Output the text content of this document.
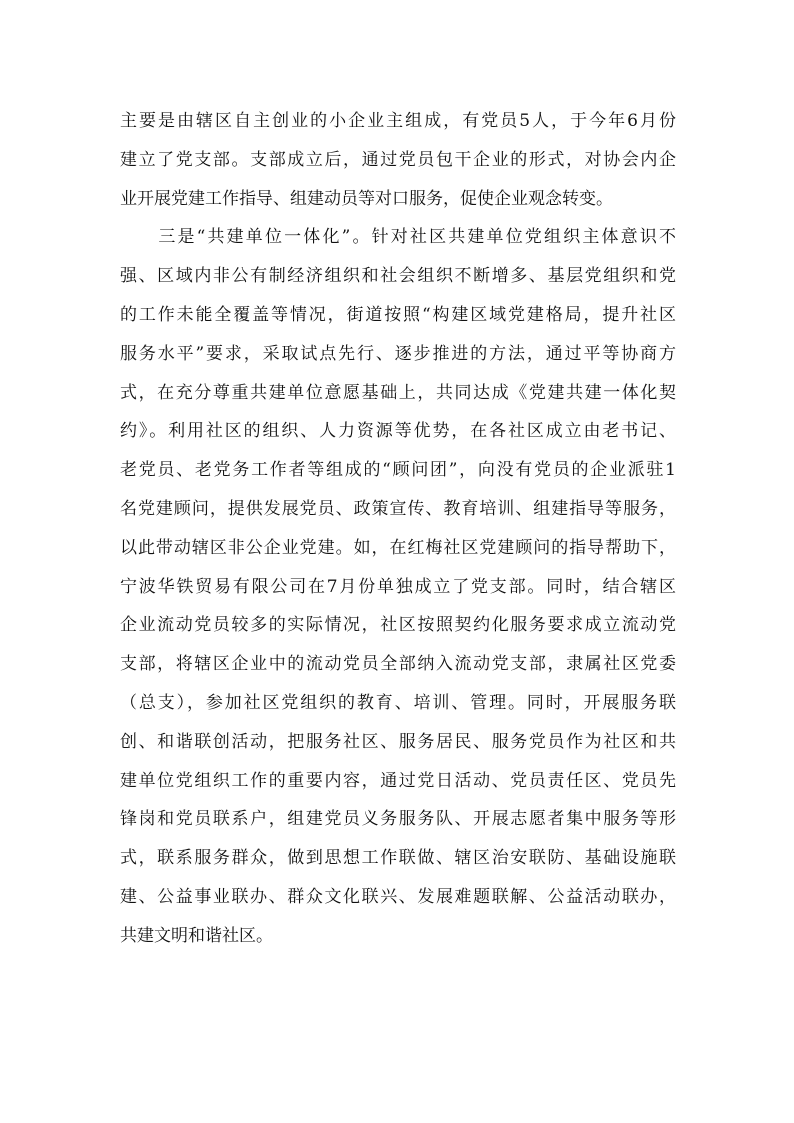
主要是由辖区自主创业的小企业主组成，有党员5人，于今年6月份
建立了党支部。支部成立后，通过党员包干企业的形式，对协会内企
业开展党建工作指导、组建动员等对口服务，促使企业观念转变。
　　三是“共建单位一体化”。针对社区共建单位党组织主体意识不
强、区域内非公有制经济组织和社会组织不断增多、基层党组织和党
的工作未能全覆盖等情况，街道按照“构建区域党建格局，提升社区
服务水平”要求，采取试点先行、逐步推进的方法，通过平等协商方
式，在充分尊重共建单位意愿基础上，共同达成《党建共建一体化契
约》。利用社区的组织、人力资源等优势，在各社区成立由老书记、
老党员、老党务工作者等组成的“顾问团”，向没有党员的企业派驻1
名党建顾问，提供发展党员、政策宣传、教育培训、组建指导等服务，
以此带动辖区非公企业党建。如，在红梅社区党建顾问的指导帮助下，
宁波华铁贸易有限公司在7月份单独成立了党支部。同时，结合辖区
企业流动党员较多的实际情况，社区按照契约化服务要求成立流动党
支部，将辖区企业中的流动党员全部纳入流动党支部，隶属社区党委
（总支），参加社区党组织的教育、培训、管理。同时，开展服务联
创、和谐联创活动，把服务社区、服务居民、服务党员作为社区和共
建单位党组织工作的重要内容，通过党日活动、党员责任区、党员先
锋岗和党员联系户，组建党员义务服务队、开展志愿者集中服务等形
式，联系服务群众，做到思想工作联做、辖区治安联防、基础设施联
建、公益事业联办、群众文化联兴、发展难题联解、公益活动联办，
共建文明和谐社区。
